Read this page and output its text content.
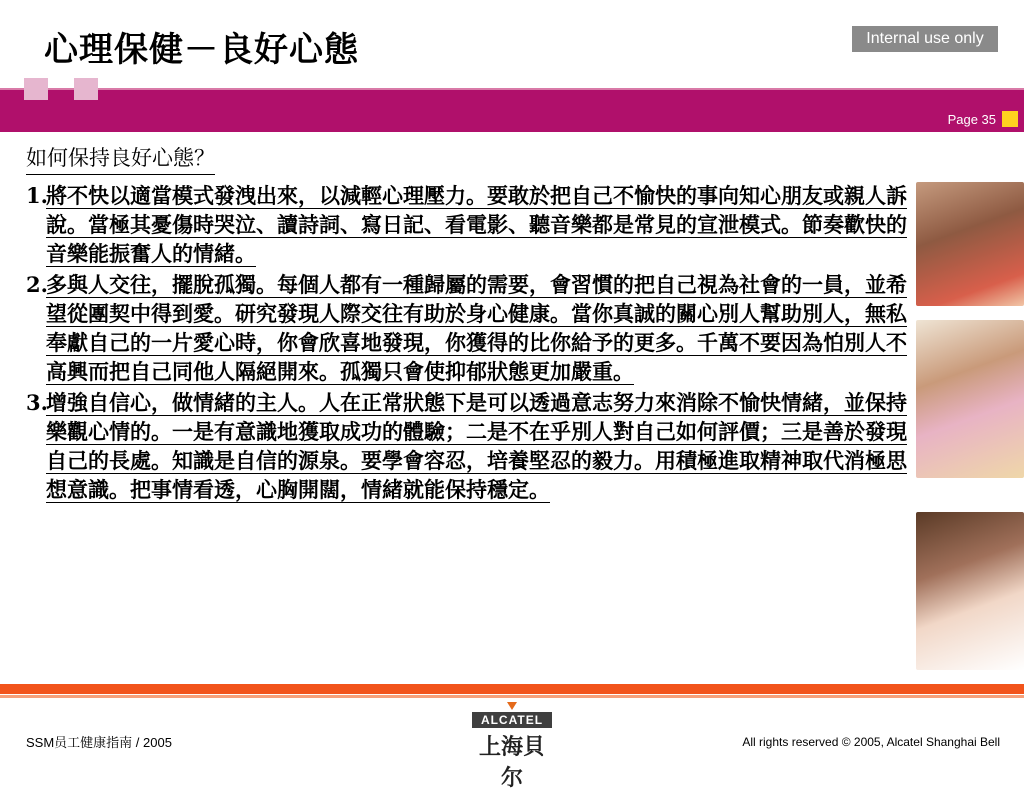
心理保健－良好心態	Internal use only
Page 35
如何保持良好心態？
1.
將不快以適當模式發洩出來，以減輕心理壓力。要敢於把自己不愉快的事向知心朋友或親人訴說。當極其憂傷時哭泣、讀詩詞、寫日記、看電影、聽音樂都是常見的宣泄模式。節奏歡快的音樂能振奮人的情緒。
2.
多與人交往，擺脫孤獨。每個人都有一種歸屬的需要，會習慣的把自己視為社會的一員，並希望從團契中得到愛。研究發現人際交往有助於身心健康。當你真誠的關心別人幫助別人，無私奉獻自己的一片愛心時，你會欣喜地發現，你獲得的比你給予的更多。千萬不要因為怕別人不高興而把自己同他人隔絕開來。孤獨只會使抑郁狀態更加嚴重。
3.
增強自信心，做情緒的主人。人在正常狀態下是可以透過意志努力來消除不愉快情緒，並保持樂觀心情的。一是有意識地獲取成功的體驗；二是不在乎別人對自己如何評價；三是善於發現自己的長處。知識是自信的源泉。要學會容忍，培養堅忍的毅力。用積極進取精神取代消極思想意識。把事情看透，心胸開闊，情緒就能保持穩定。
SSM员工健康指南 / 2005
ALCATEL
上海貝尔
All rights reserved © 2005, Alcatel Shanghai Bell
